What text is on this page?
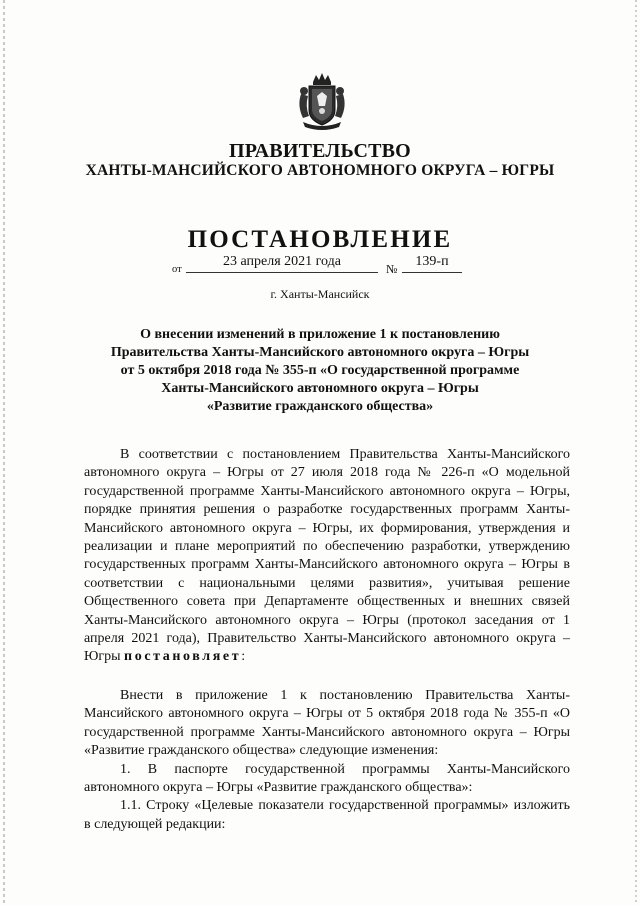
ПРАВИТЕЛЬСТВО
ХАНТЫ-МАНСИЙСКОГО АВТОНОМНОГО ОКРУГА – ЮГРЫ
ПОСТАНОВЛЕНИЕ
от
23 апреля 2021 года	№	139-п
г. Ханты-Мансийск
О внесении изменений в приложение 1 к постановлению
Правительства Ханты-Мансийского автономного округа – Югры
от 5 октября 2018 года № 355-п «О государственной программе
Ханты-Мансийского автономного округа – Югры
«Развитие гражданского общества»

В соответствии с постановлением Правительства Ханты-Мансийского автономного округа – Югры от 27 июля 2018 года № 226-п «О модельной государственной программе Ханты-Мансийского автономного округа – Югры, порядке принятия решения о разработке государственных программ Ханты-Мансийского автономного округа – Югры, их формирования, утверждения и реализации и плане мероприятий по обеспечению разработки, утверждению государственных программ Ханты-Мансийского автономного округа – Югры в соответствии с национальными целями развития», учитывая решение Общественного совета при Департаменте общественных и внешних связей Ханты-Мансийского автономного округа – Югры (протокол заседания от 1 апреля 2021 года), Правительство Ханты-Мансийского автономного округа – Югры постановляет:

Внести в приложение 1 к постановлению Правительства Ханты-Мансийского автономного округа – Югры от 5 октября 2018 года № 355-п «О государственной программе Ханты-Мансийского автономного округа – Югры «Развитие гражданского общества» следующие изменения:

1. В паспорте государственной программы Ханты-Мансийского автономного округа – Югры «Развитие гражданского общества»:

1.1. Строку «Целевые показатели государственной программы» изложить в следующей редакции:
